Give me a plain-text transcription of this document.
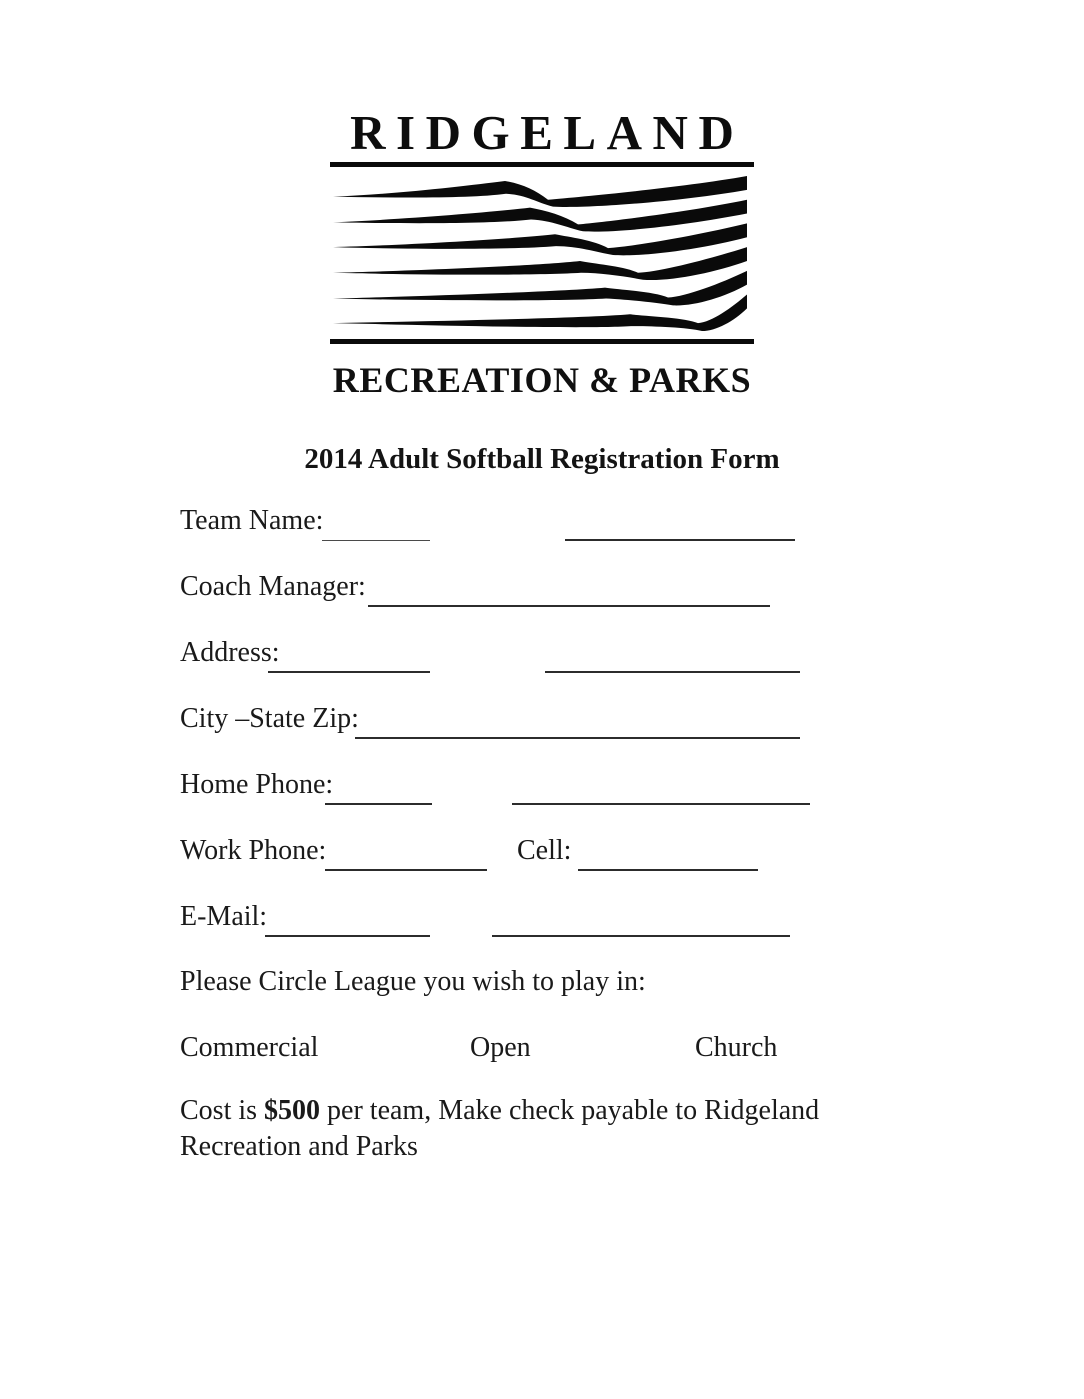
RIDGELAND
RECREATION & PARKS
2014 Adult Softball Registration Form
Team Name:
Coach Manager:
Address:
City –State Zip:
Home Phone:
Work Phone:	Cell:
E-Mail:
Please Circle League you wish to play in:
Commercial	Open	Church

Cost is $500 per team, Make check payable to Ridgeland Recreation and Parks
